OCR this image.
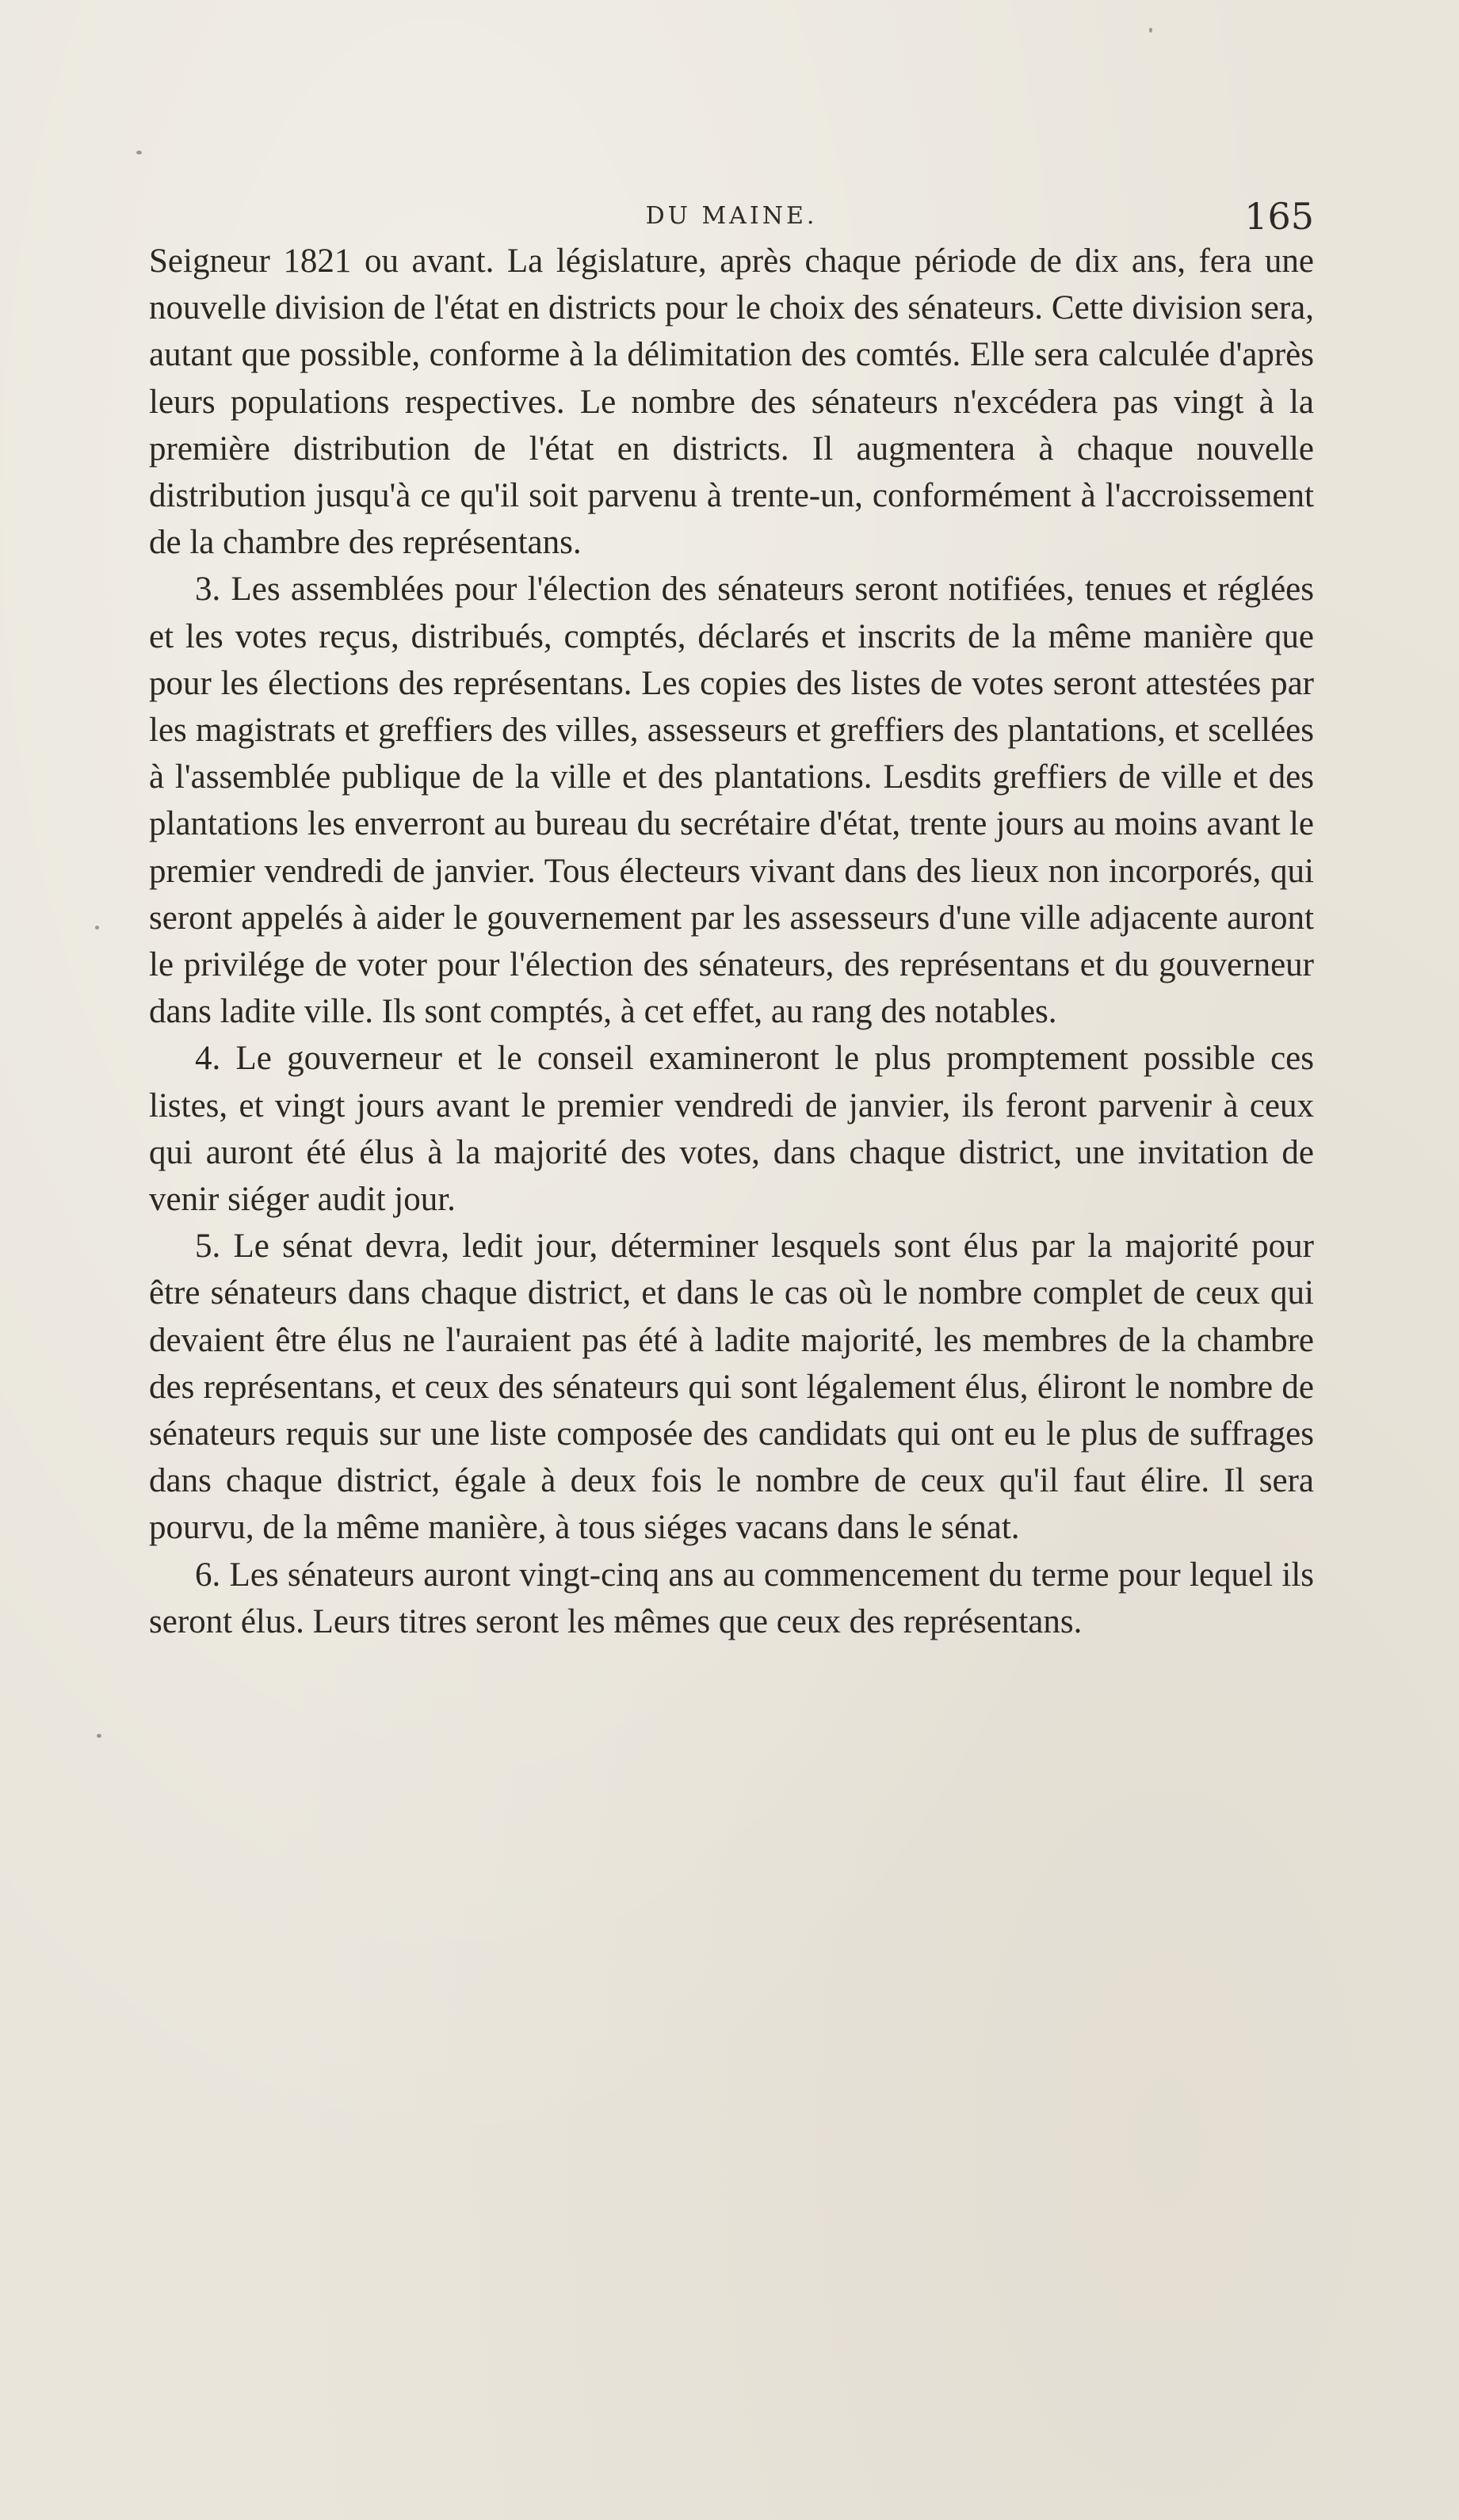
DU MAINE.	165

Seigneur 1821 ou avant. La législature, après chaque période de dix ans, fera une nouvelle division de l'état en districts pour le choix des sénateurs. Cette division sera, autant que possible, conforme à la délimitation des comtés. Elle sera calculée d'après leurs populations respectives. Le nombre des sénateurs n'excédera pas vingt à la première distribution de l'état en districts. Il augmentera à chaque nouvelle distribution jusqu'à ce qu'il soit parvenu à trente-un, conformément à l'accroissement de la chambre des représentans.

3. Les assemblées pour l'élection des sénateurs seront notifiées, tenues et réglées et les votes reçus, distribués, comptés, déclarés et inscrits de la même manière que pour les élections des représentans. Les copies des listes de votes seront attestées par les magistrats et greffiers des villes, assesseurs et greffiers des plantations, et scellées à l'assemblée publique de la ville et des plantations. Lesdits greffiers de ville et des plantations les enverront au bureau du secrétaire d'état, trente jours au moins avant le premier vendredi de janvier. Tous électeurs vivant dans des lieux non incorporés, qui seront appelés à aider le gouvernement par les assesseurs d'une ville adjacente auront le privilége de voter pour l'élection des sénateurs, des représentans et du gouverneur dans ladite ville. Ils sont comptés, à cet effet, au rang des notables.

4. Le gouverneur et le conseil examineront le plus promptement possible ces listes, et vingt jours avant le premier vendredi de janvier, ils feront parvenir à ceux qui auront été élus à la majorité des votes, dans chaque district, une invitation de venir siéger audit jour.

5. Le sénat devra, ledit jour, déterminer lesquels sont élus par la majorité pour être sénateurs dans chaque district, et dans le cas où le nombre complet de ceux qui devaient être élus ne l'auraient pas été à ladite majorité, les membres de la chambre des représentans, et ceux des sénateurs qui sont légalement élus, éliront le nombre de sénateurs requis sur une liste composée des candidats qui ont eu le plus de suffrages dans chaque district, égale à deux fois le nombre de ceux qu'il faut élire. Il sera pourvu, de la même manière, à tous siéges vacans dans le sénat.

6. Les sénateurs auront vingt-cinq ans au commencement du terme pour lequel ils seront élus. Leurs titres seront les mêmes que ceux des représentans.
